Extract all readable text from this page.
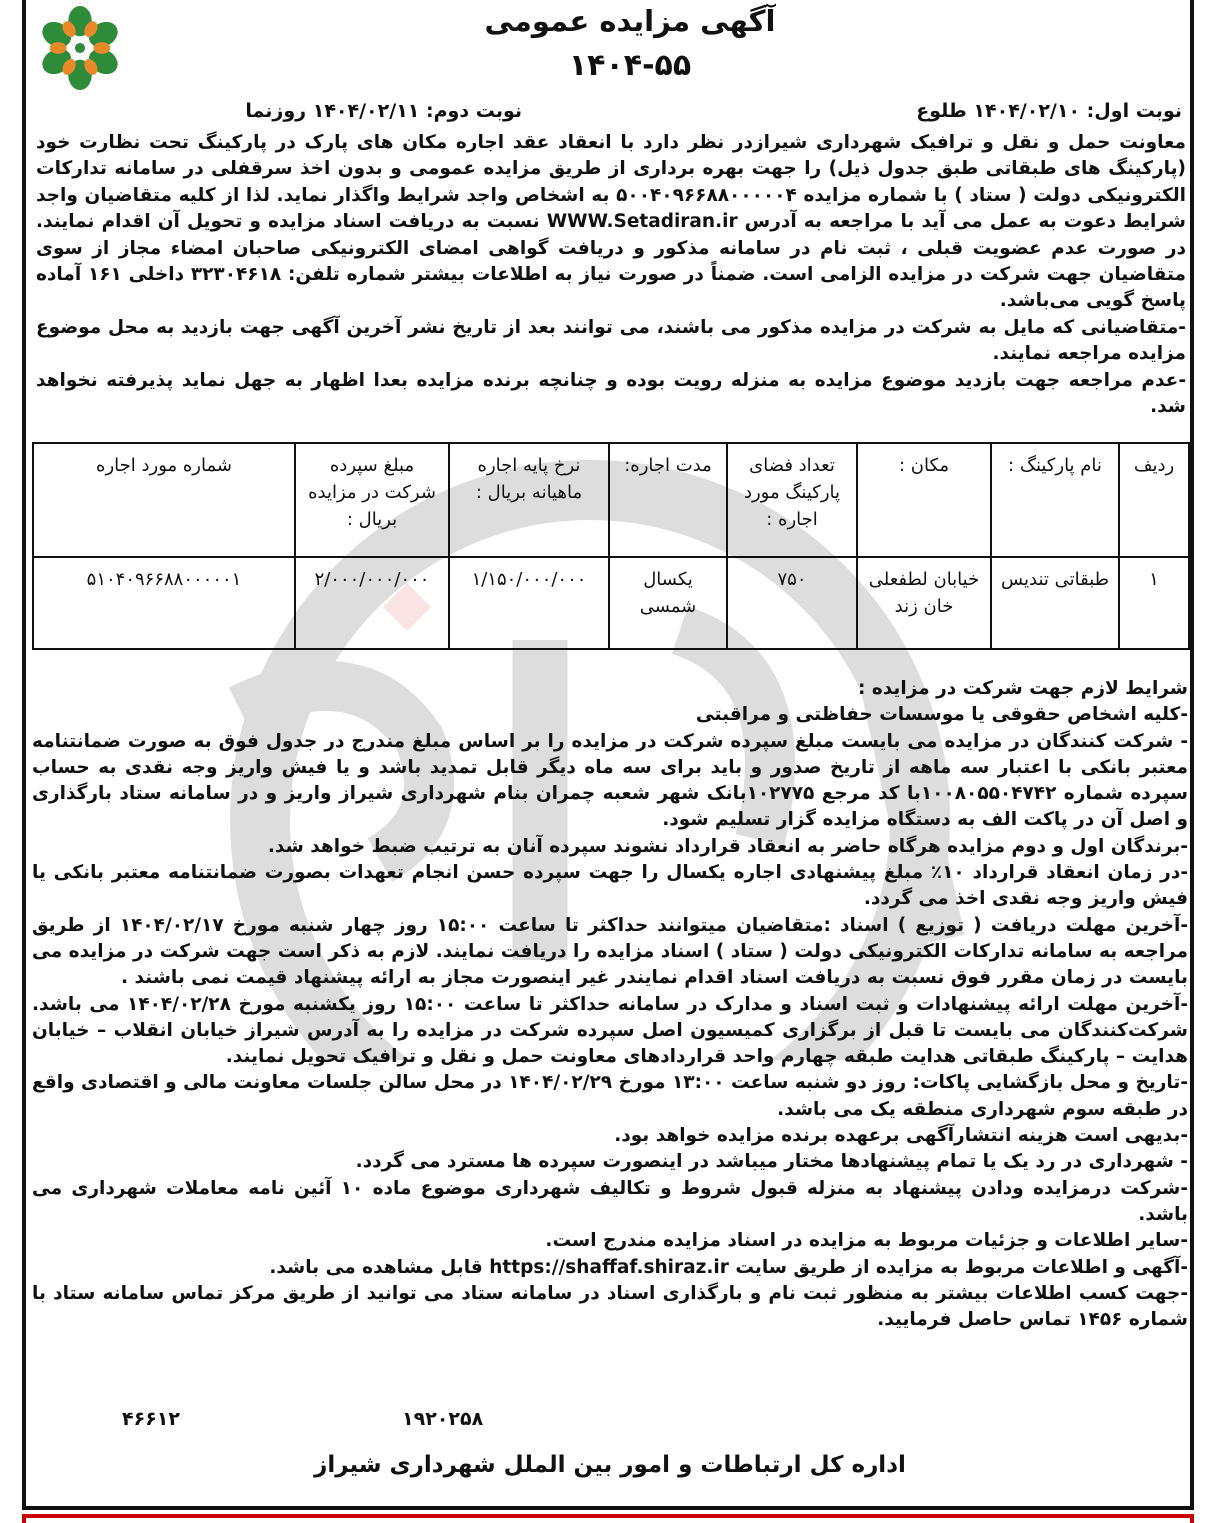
آگهی مزایده عمومی
۱۴۰۴-۵۵
نوبت اول: ۱۴۰۴/۰۲/۱۰ طلوع
نوبت دوم: ۱۴۰۴/۰۲/۱۱ روزنما

معاونت حمل و نقل و ترافیک شهرداری شیرازدر نظر دارد با انعقاد عقد اجاره مکان های پارک در پارکینگ تحت نظارت خود (پارکینگ های طبقاتی طبق جدول ذیل) را جهت بهره برداری از طریق مزایده عمومی و بدون اخذ سرقفلی در سامانه تدارکات الکترونیکی دولت ( ستاد ) با شماره مزایده ۵۰۰۴۰۹۶۶۸۸۰۰۰۰۰۴ به اشخاص واجد شرایط واگذار نماید. لذا از کلیه متقاضیان واجد شرایط دعوت به عمل می آید با مراجعه به آدرس WWW.Setadiran.ir نسبت به دریافت اسناد مزایده و تحویل آن اقدام نمایند. در صورت عدم عضویت قبلی ، ثبت نام در سامانه مذکور و دریافت گواهی امضای الکترونیکی صاحبان امضاء مجاز از سوی متقاضیان جهت شرکت در مزایده الزامی است. ضمناً در صورت نیاز به اطلاعات بیشتر شماره تلفن: ۳۲۳۰۴۶۱۸ داخلی ۱۶۱ آماده پاسخ گویی می‌باشد.

-متقاضیانی که مایل به شرکت در مزایده مذکور می باشند، می توانند بعد از تاریخ نشر آخرین آگهی جهت بازدید به محل موضوع مزایده مراجعه نمایند.

-عدم مراجعه جهت بازدید موضوع مزایده به منزله رویت بوده و چنانچه برنده مزایده بعدا اظهار به جهل نماید پذیرفته نخواهد شد.

ردیف	نام پارکینگ :	مکان :	تعداد فضای پارکینگ مورد اجاره :	مدت اجاره:	نرخ پایه اجاره ماهیانه بریال :	مبلغ سپرده شرکت در مزایده بریال :	شماره مورد اجاره
۱	طبقاتی تندیس	خیابان لطفعلی خان زند	۷۵۰	یکسال شمسی	۱/۱۵۰/۰۰۰/۰۰۰	۲/۰۰۰/۰۰۰/۰۰۰	۵۱۰۴۰۹۶۶۸۸۰۰۰۰۰۱

شرایط لازم جهت شرکت در مزایده :

-کلیه اشخاص حقوقی یا موسسات حفاظتی و مراقبتی

- شرکت کنندگان در مزایده می بایست مبلغ سپرده شرکت در مزایده را بر اساس مبلغ مندرج در جدول فوق به صورت ضمانتنامه معتبر بانکی با اعتبار سه ماهه از تاریخ صدور و باید برای سه ماه دیگر قابل تمدید باشد و یا فیش واریز وجه نقدی به حساب سپرده شماره ۱۰۰۸۰۵۵۰۴۷۴۲با کد مرجع ۱۰۲۷۷۵بانک شهر شعبه چمران بنام شهرداری شیراز واریز و در سامانه ستاد بارگذاری و اصل آن در پاکت الف به دستگاه مزایده گزار تسلیم شود.

-برندگان اول و دوم مزایده هرگاه حاضر به انعقاد قرارداد نشوند سپرده آنان به ترتیب ضبط خواهد شد.

-در زمان انعقاد قرارداد ۱۰٪ مبلغ پیشنهادی اجاره یکسال را جهت سپرده حسن انجام تعهدات بصورت ضمانتنامه معتبر بانکی یا فیش واریز وجه نقدی اخذ می گردد.

-آخرین مهلت دریافت ( توزیع ) اسناد :متقاضیان میتوانند حداکثر تا ساعت ۱۵:۰۰ روز چهار شنبه مورخ ۱۴۰۴/۰۲/۱۷ از طریق مراجعه به سامانه تدارکات الکترونیکی دولت ( ستاد ) اسناد مزایده را دریافت نمایند. لازم به ذکر است جهت شرکت در مزایده می بایست در زمان مقرر فوق نسبت به دریافت اسناد اقدام نمایندر غیر اینصورت مجاز به ارائه پیشنهاد قیمت نمی باشند .

-آخرین مهلت ارائه پیشنهادات و ثبت اسناد و مدارک در سامانه حداکثر تا ساعت ۱۵:۰۰ روز یکشنبه مورخ ۱۴۰۴/۰۲/۲۸ می باشد. شرکت‌کنندگان می بایست تا قبل از برگزاری کمیسیون اصل سپرده شرکت در مزایده را به آدرس شیراز خیابان انقلاب – خیابان هدایت – پارکینگ طبقاتی هدایت طبقه چهارم واحد قراردادهای معاونت حمل و نقل و ترافیک تحویل نمایند.

-تاریخ و محل بازگشایی پاکات: روز دو شنبه ساعت ۱۳:۰۰ مورخ ۱۴۰۴/۰۲/۲۹ در محل سالن جلسات معاونت مالی و اقتصادی واقع در طبقه سوم شهرداری منطقه یک می باشد.

-بدیهی است هزینه انتشارآگهی برعهده برنده مزایده خواهد بود.

- شهرداری در رد یک یا تمام پیشنهادها مختار میباشد در اینصورت سپرده ها مسترد می گردد.

-شرکت درمزایده ودادن پیشنهاد به منزله قبول شروط و تکالیف شهرداری موضوع ماده ۱۰ آئین نامه معاملات شهرداری می باشد.

-سایر اطلاعات و جزئیات مربوط به مزایده در اسناد مزایده مندرج است.

-آگهی و اطلاعات مربوط به مزایده از طریق سایت https://shaffaf.shiraz.ir قابل مشاهده می باشد.

-جهت کسب اطلاعات بیشتر به منظور ثبت نام و بارگذاری اسناد در سامانه ستاد می توانید از طریق مرکز تماس سامانه ستاد با شماره ۱۴۵۶ تماس حاصل فرمایید.

۱۹۲۰۲۵۸
۴۶۶۱۲
اداره کل ارتباطات و امور بین الملل شهرداری شیراز
